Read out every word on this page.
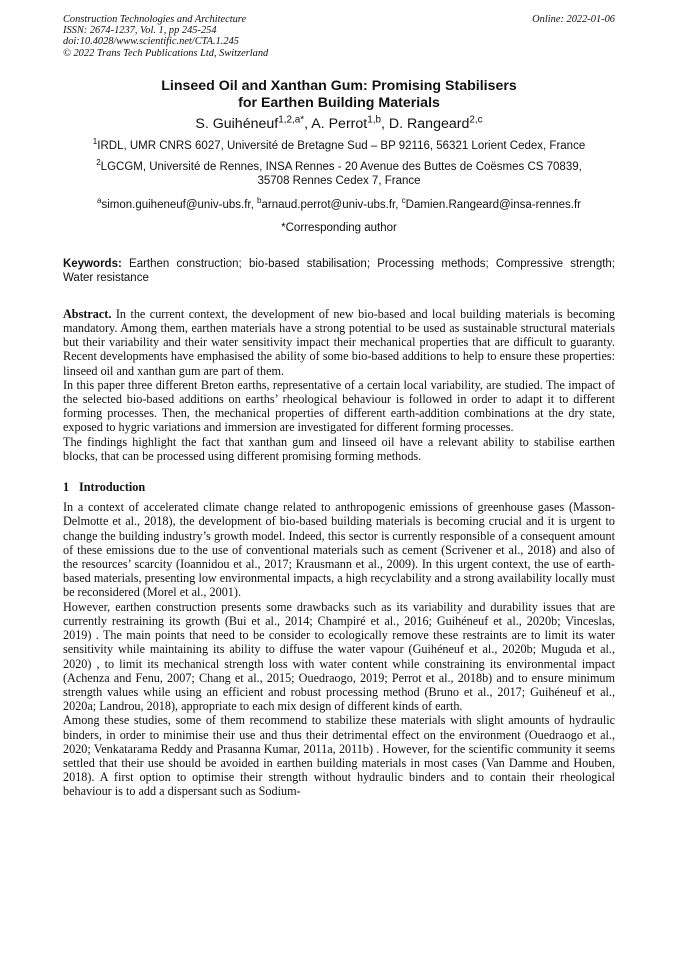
Construction Technologies and Architecture
ISSN: 2674-1237, Vol. 1, pp 245-254
doi:10.4028/www.scientific.net/CTA.1.245
© 2022 Trans Tech Publications Ltd, Switzerland
Online: 2022-01-06
Linseed Oil and Xanthan Gum: Promising Stabilisers
for Earthen Building Materials
S. Guihéneuf$^{1,2,a*}$, A. Perrot$^{1,b}$, D. Rangeard$^{2,c}$
$^1$IRDL, UMR CNRS 6027, Université de Bretagne Sud – BP 92116, 56321 Lorient Cedex, France
$^2$LGCGM, Université de Rennes, INSA Rennes - 20 Avenue des Buttes de Coësmes CS 70839,
35708 Rennes Cedex 7, France
$^a$simon.guiheneuf@univ-ubs.fr, $^b$arnaud.perrot@univ-ubs.fr, $^c$Damien.Rangeard@insa-rennes.fr
*Corresponding author
Keywords: Earthen construction; bio-based stabilisation; Processing methods; Compressive strength; Water resistance

Abstract. In the current context, the development of new bio-based and local building materials is becoming mandatory. Among them, earthen materials have a strong potential to be used as sustainable structural materials but their variability and their water sensitivity impact their mechanical properties that are difficult to guaranty. Recent developments have emphasised the ability of some bio-based additions to help to ensure these properties: linseed oil and xanthan gum are part of them.

In this paper three different Breton earths, representative of a certain local variability, are studied. The impact of the selected bio-based additions on earths’ rheological behaviour is followed in order to adapt it to different forming processes. Then, the mechanical properties of different earth-addition combinations at the dry state, exposed to hygric variations and immersion are investigated for different forming processes.

The findings highlight the fact that xanthan gum and linseed oil have a relevant ability to stabilise earthen blocks, that can be processed using different promising forming methods.

1 Introduction

In a context of accelerated climate change related to anthropogenic emissions of greenhouse gases (Masson-Delmotte et al., 2018), the development of bio-based building materials is becoming crucial and it is urgent to change the building industry’s growth model. Indeed, this sector is currently responsible of a consequent amount of these emissions due to the use of conventional materials such as cement (Scrivener et al., 2018) and also of the resources’ scarcity (Ioannidou et al., 2017; Krausmann et al., 2009). In this urgent context, the use of earth-based materials, presenting low environmental impacts, a high recyclability and a strong availability locally must be reconsidered (Morel et al., 2001).

However, earthen construction presents some drawbacks such as its variability and durability issues that are currently restraining its growth (Bui et al., 2014; Champiré et al., 2016; Guihéneuf et al., 2020b; Vinceslas, 2019) . The main points that need to be consider to ecologically remove these restraints are to limit its water sensitivity while maintaining its ability to diffuse the water vapour (Guihéneuf et al., 2020b; Muguda et al., 2020) , to limit its mechanical strength loss with water content while constraining its environmental impact (Achenza and Fenu, 2007; Chang et al., 2015; Ouedraogo, 2019; Perrot et al., 2018b) and to ensure minimum strength values while using an efficient and robust processing method (Bruno et al., 2017; Guihéneuf et al., 2020a; Landrou, 2018), appropriate to each mix design of different kinds of earth.

Among these studies, some of them recommend to stabilize these materials with slight amounts of hydraulic binders, in order to minimise their use and thus their detrimental effect on the environment (Ouedraogo et al., 2020; Venkatarama Reddy and Prasanna Kumar, 2011a, 2011b) . However, for the scientific community it seems settled that their use should be avoided in earthen building materials in most cases (Van Damme and Houben, 2018). A first option to optimise their strength without hydraulic binders and to contain their rheological behaviour is to add a dispersant such as Sodium-
